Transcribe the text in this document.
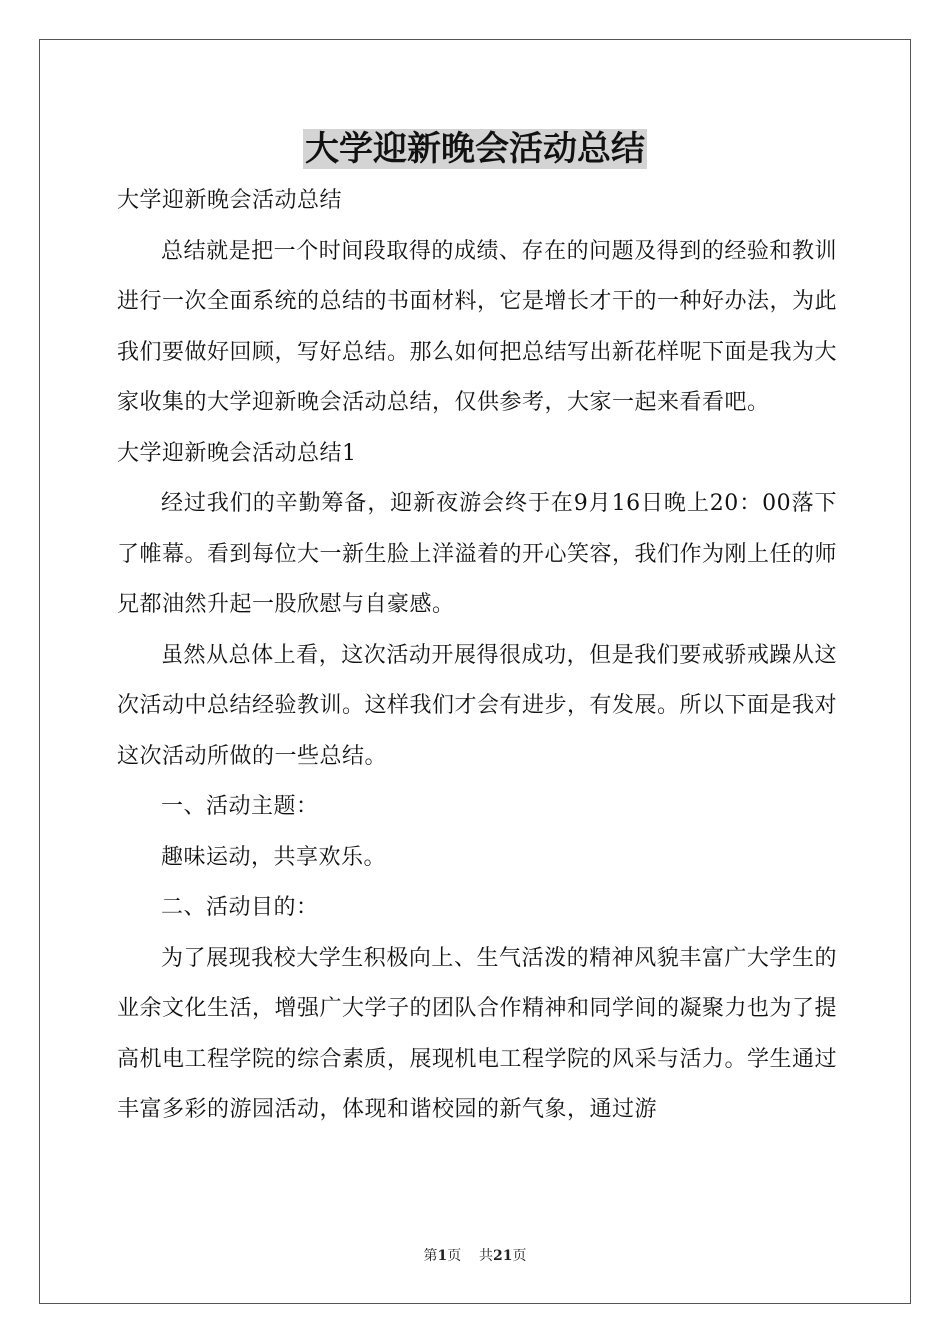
大学迎新晚会活动总结

大学迎新晚会活动总结

总结就是把一个时间段取得的成绩、存在的问题及得到的经验和教训进行一次全面系统的总结的书面材料，它是增长才干的一种好办法，为此我们要做好回顾，写好总结。那么如何把总结写出新花样呢下面是我为大家收集的大学迎新晚会活动总结，仅供参考，大家一起来看看吧。

大学迎新晚会活动总结1

经过我们的辛勤筹备，迎新夜游会终于在9月16日晚上20：00落下了帷幕。看到每位大一新生脸上洋溢着的开心笑容，我们作为刚上任的师兄都油然升起一股欣慰与自豪感。

虽然从总体上看，这次活动开展得很成功，但是我们要戒骄戒躁从这次活动中总结经验教训。这样我们才会有进步，有发展。所以下面是我对这次活动所做的一些总结。

一、活动主题：

趣味运动，共享欢乐。

二、活动目的：

为了展现我校大学生积极向上、生气活泼的精神风貌丰富广大学生的业余文化生活，增强广大学子的团队合作精神和同学间的凝聚力也为了提高机电工程学院的综合素质，展现机电工程学院的风采与活力。学生通过丰富多彩的游园活动，体现和谐校园的新气象，通过游

第1页 共21页
